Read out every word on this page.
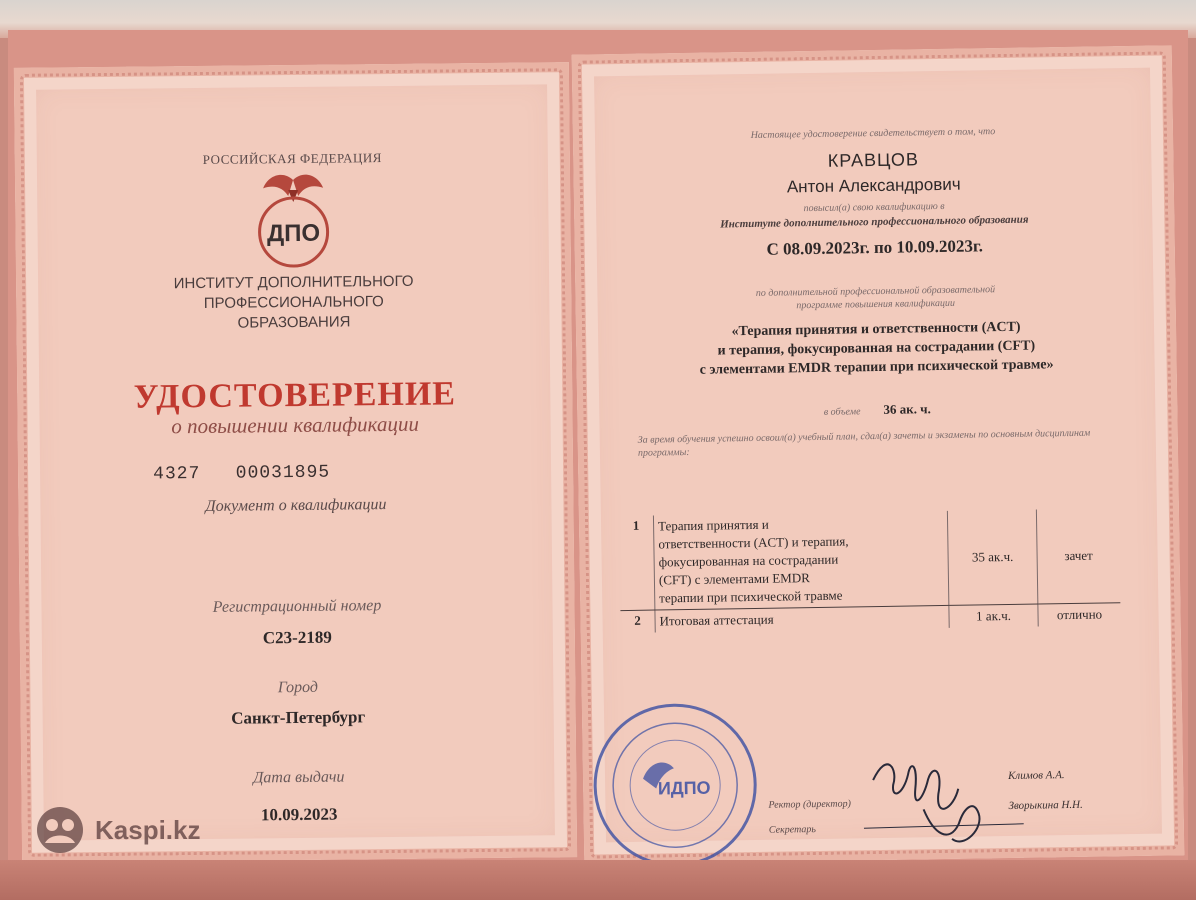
РОССИЙСКАЯ ФЕДЕРАЦИЯ
ДПО
ИНСТИТУТ ДОПОЛНИТЕЛЬНОГО
ПРОФЕССИОНАЛЬНОГО
ОБРАЗОВАНИЯ
УДОСТОВЕРЕНИЕ
о повышении квалификации
4327 00031895
Документ о квалификации
Регистрационный номер
С23-2189
Город
Санкт-Петербург
Дата выдачи
10.09.2023
Настоящее удостоверение свидетельствует о том, что
КРАВЦОВ
Антон Александрович
повысил(а) свою квалификацию в
Институте дополнительного профессионального образования
С 08.09.2023г. по 10.09.2023г.
по дополнительной профессиональной образовательной
программе повышения квалификации
«Терапия принятия и ответственности (ACT)
и терапия, фокусированная на сострадании (CFT)
с элементами EMDR терапии при психической травме»
в объеме 36 ак. ч.
За время обучения успешно освоил(а) учебный план, сдал(а) зачеты и экзамены по основным дисциплинам программы:
1	Терапия принятия и
ответственности (ACT) и терапия,
фокусированная на сострадании
(CFT) с элементами EMDR
терапии при психической травме	35 ак.ч.	зачет
2	Итоговая аттестация	1 ак.ч.	отлично
ИДПО
Ректор (директор)
Секретарь
Климов А.А.
Зворыкина Н.Н.
Kaspi.kz
